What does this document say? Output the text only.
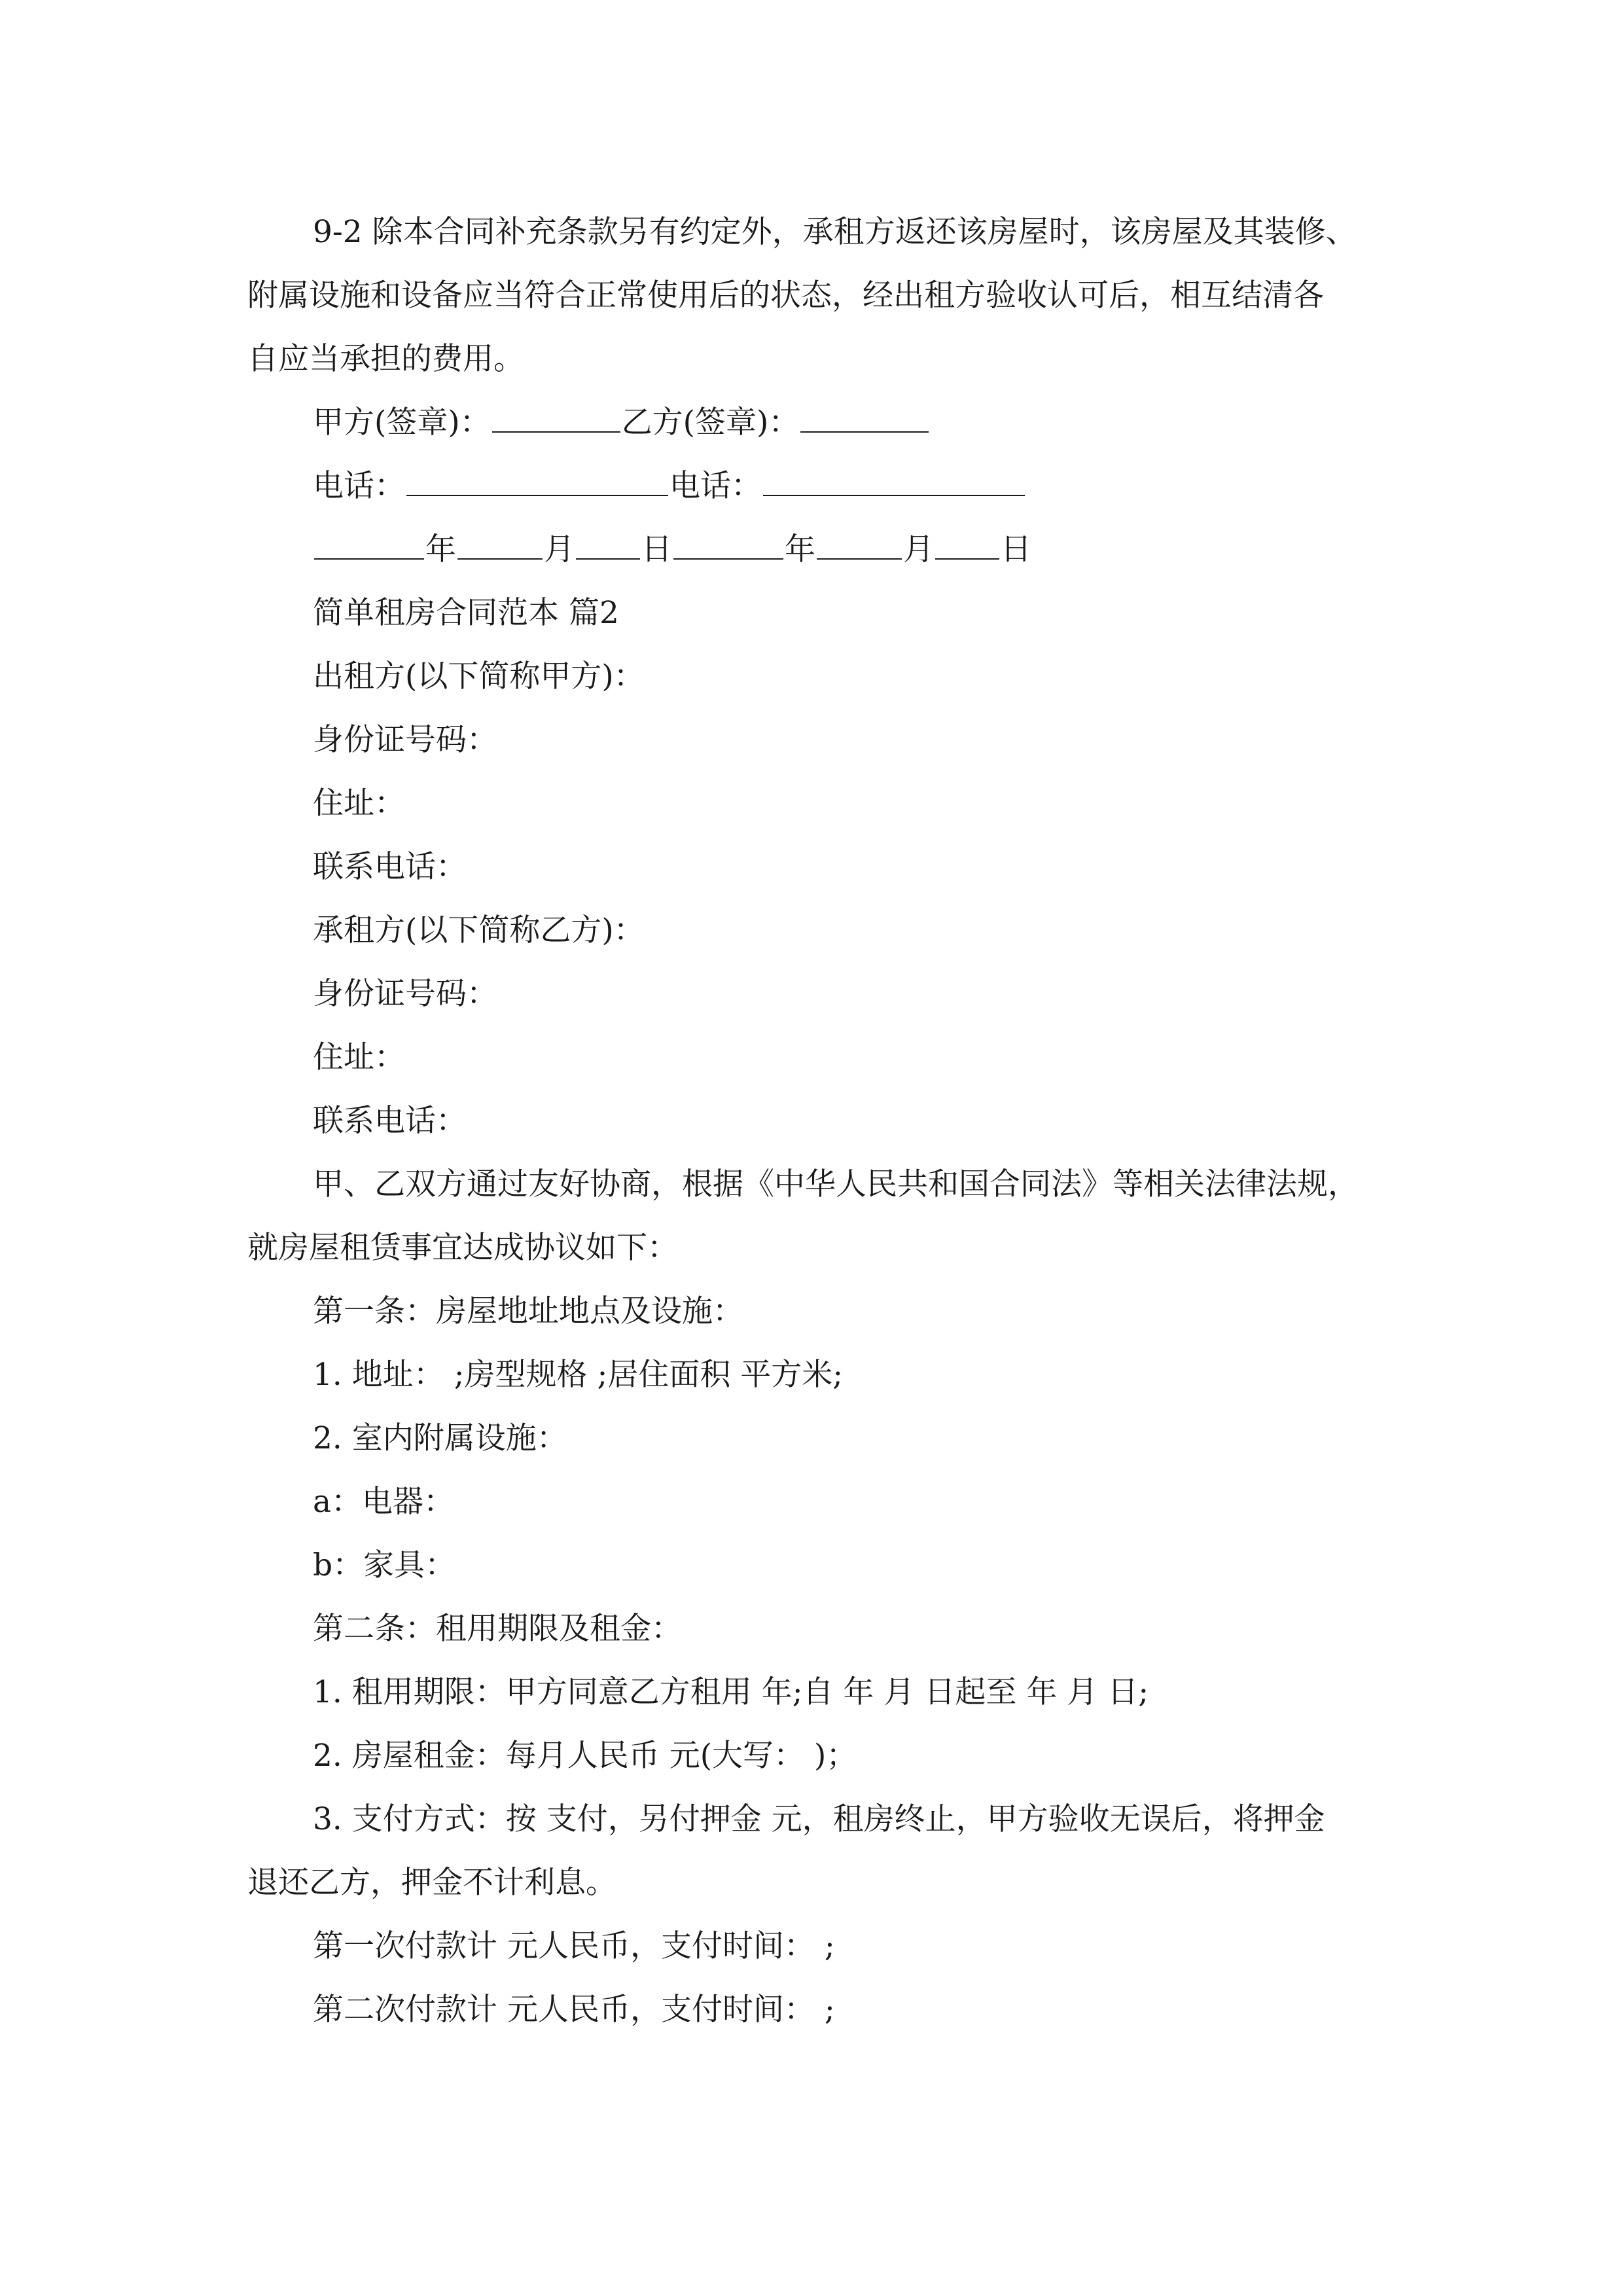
9-2 除本合同补充条款另有约定外，承租方返还该房屋时，该房屋及其装修、
附属设施和设备应当符合正常使用后的状态，经出租方验收认可后，相互结清各
自应当承担的费用。
甲方(签章)：	乙方(签章)：
电话：	电话：
年	月 日	年	月 日
简单租房合同范本 篇2
出租方(以下简称甲方)：
身份证号码：
住址：
联系电话：
承租方(以下简称乙方)：
身份证号码：
住址：
联系电话：
甲、乙双方通过友好协商，根据《中华人民共和国合同法》等相关法律法规，
就房屋租赁事宜达成协议如下：
第一条：房屋地址地点及设施：
1. 地址： ;房型规格 ;居住面积 平方米;
2. 室内附属设施：
a：电器：
b：家具：
第二条：租用期限及租金：
1. 租用期限：甲方同意乙方租用 年;自 年 月 日起至 年 月 日;
2. 房屋租金：每月人民币 元(大写： )；
3. 支付方式：按 支付，另付押金 元，租房终止，甲方验收无误后，将押金
退还乙方，押金不计利息。
第一次付款计 元人民币，支付时间： ;
第二次付款计 元人民币，支付时间： ;
